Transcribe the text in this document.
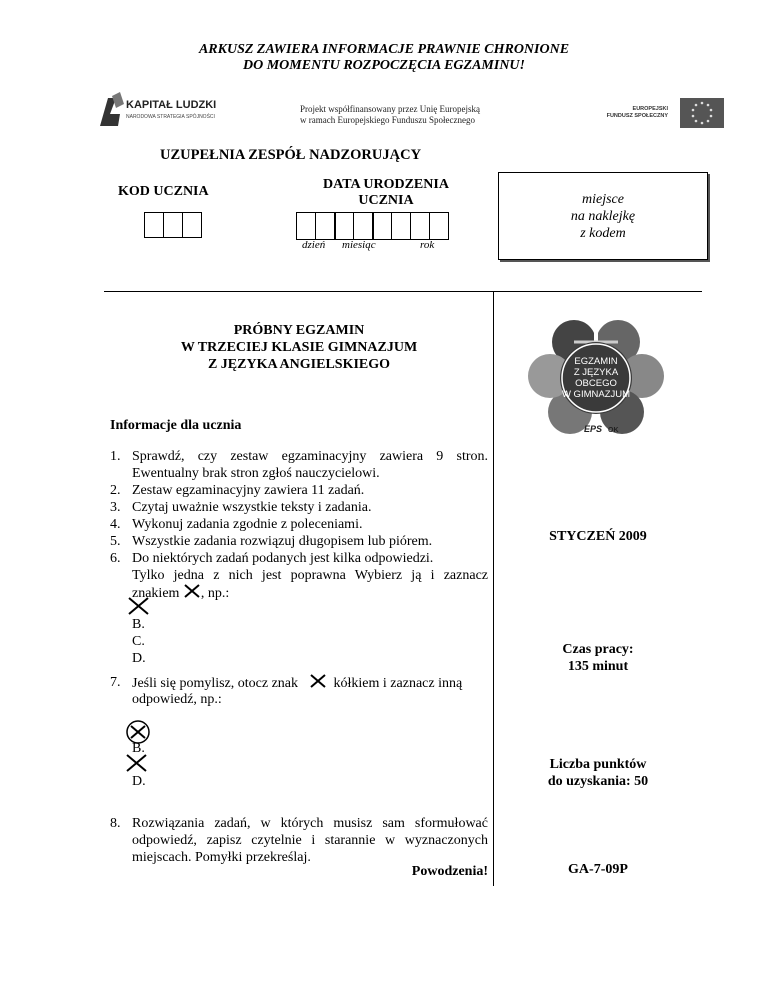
ARKUSZ ZAWIERA INFORMACJE PRAWNIE CHRONIONE
DO MOMENTU ROZPOCZĘCIA EGZAMINU!
KAPITAŁ LUDZKI
NARODOWA STRATEGIA SPÓJNOŚCI
Projekt współfinansowany przez Unię Europejską
w ramach Europejskiego Funduszu Społecznego
EUROPEJSKI
FUNDUSZ SPOŁECZNY
UZUPEŁNIA ZESPÓŁ NADZORUJĄCY
KOD UCZNIA	DATA URODZENIA
UCZNIA
dzień miesiąc	rok
miejsce
na naklejkę
z kodem
PRÓBNY EGZAMIN
W TRZECIEJ KLASIE GIMNAZJUM
Z JĘZYKA ANGIELSKIEGO	EGZAMIN
Z JĘZYKA
OBCEGO
W GIMNAZJUM
EPS OK
Informacje dla ucznia
1. Sprawdź, czy zestaw egzaminacyjny zawiera 9 stron.
Ewentualny brak stron zgłoś nauczycielowi.
2. Zestaw egzaminacyjny zawiera 11 zadań.
3. Czytaj uważnie wszystkie teksty i zadania.
4. Wykonuj zadania zgodnie z poleceniami.
5. Wszystkie zadania rozwiązuj długopisem lub piórem.
6. Do niektórych zadań podanych jest kilka odpowiedzi.
Tylko jedna z nich jest poprawna Wybierz ją i zaznacz
znakiem , np.:
B.
C.
D.
7. Jeśli się pomylisz, otocz znak	kółkiem i zaznacz inną
odpowiedź, np.:
B.
D.
8. Rozwiązania zadań, w których musisz sam sformułować
odpowiedź, zapisz czytelnie i starannie w wyznaczonych
miejscach. Pomyłki przekreślaj.
Powodzenia!
STYCZEŃ 2009
Czas pracy:
135 minut
Liczba punktów
do uzyskania: 50
GA-7-09P
